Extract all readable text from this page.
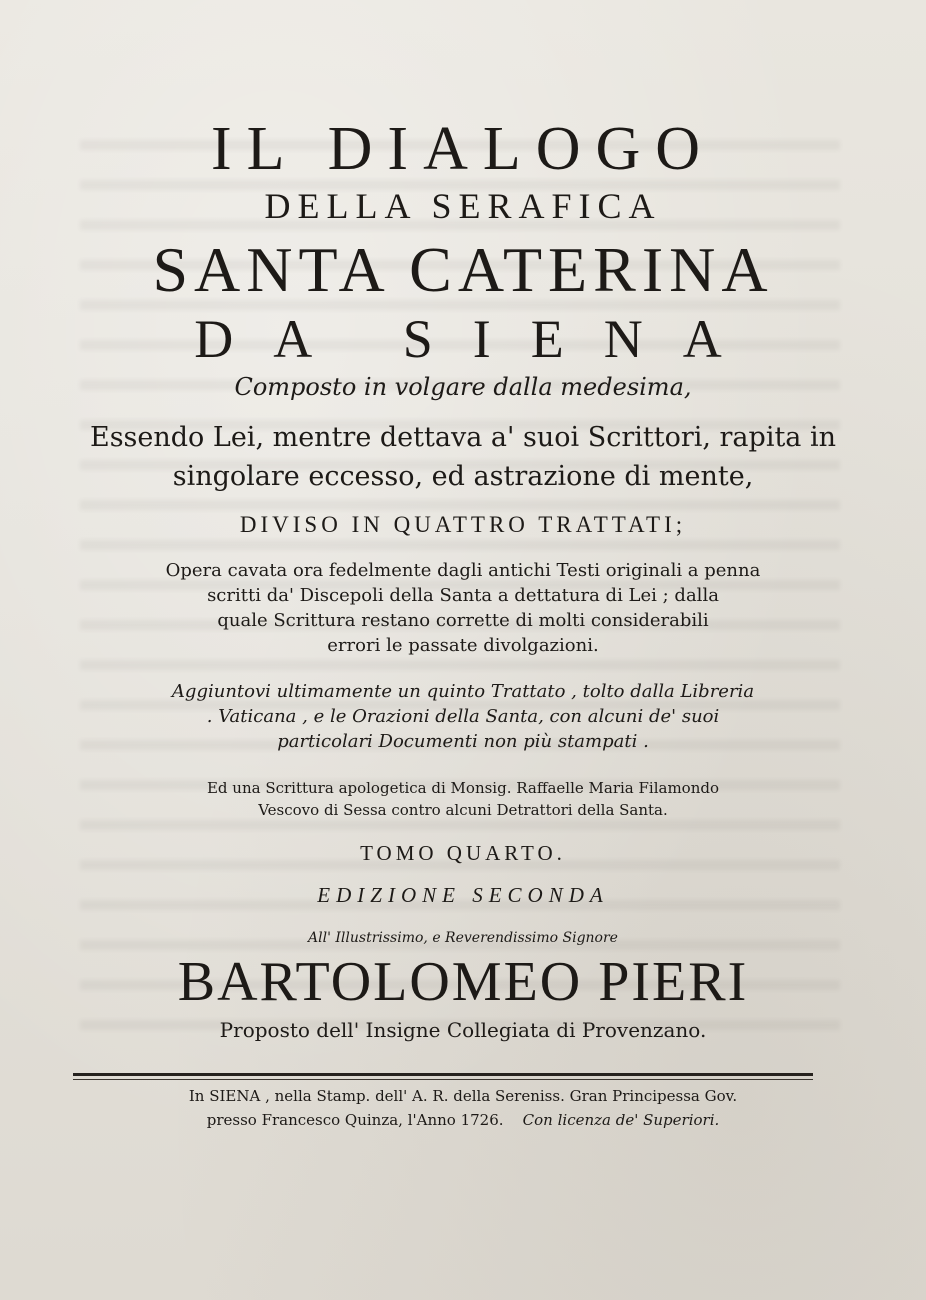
IL DIALOGO
DELLA SERAFICA
SANTA CATERINA
DA SIENA
Composto in volgare dalla medesima,
Essendo Lei, mentre dettava a' suoi Scrittori, rapita in
singolare eccesso, ed astrazione di mente,
DIVISO IN QUATTRO TRATTATI;
Opera cavata ora fedelmente dagli antichi Testi originali a penna
scritti da' Discepoli della Santa a dettatura di Lei ; dalla
quale Scrittura restano corrette di molti considerabili
errori le passate divolgazioni.
Aggiuntovi ultimamente un quinto Trattato , tolto dalla Libreria
. Vaticana , e le Orazioni della Santa, con alcuni de' suoi
particolari Documenti non più stampati .
Ed una Scrittura apologetica di Monsig. Raffaelle Maria Filamondo
Vescovo di Sessa contro alcuni Detrattori della Santa.
TOMO QUARTO.
EDIZIONE SECONDA
All' Illustrissimo, e Reverendissimo Signore
BARTOLOMEO PIERI
Proposto dell' Insigne Collegiata di Provenzano.
In SIENA , nella Stamp. dell' A. R. della Sereniss. Gran Principessa Gov.
presso Francesco Quinza, l'Anno 1726. Con licenza de' Superiori.
